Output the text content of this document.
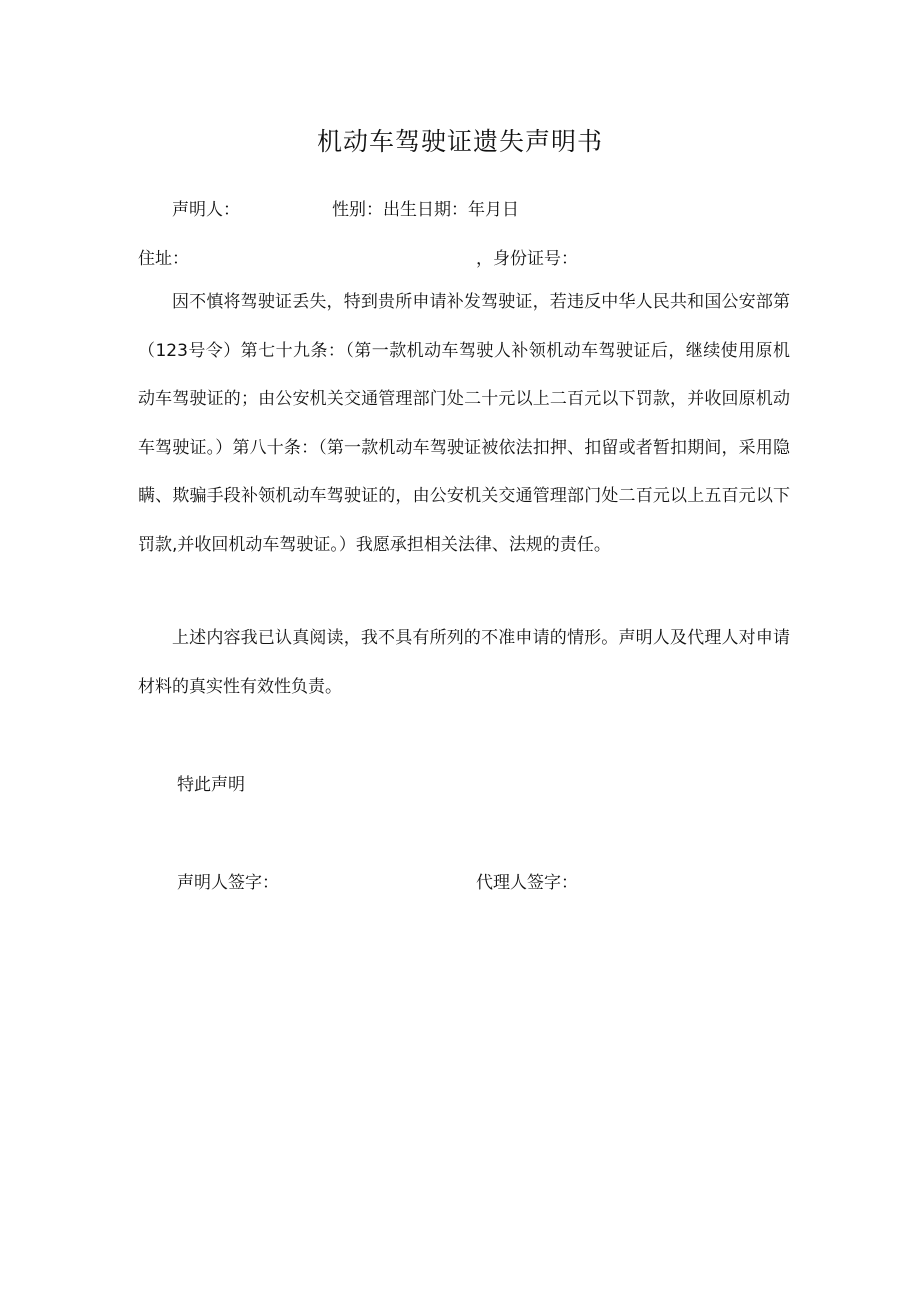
机动车驾驶证遗失声明书
声明人：	性别：出生日期：年月日
住址：	，身份证号：
因不慎将驾驶证丢失，特到贵所申请补发驾驶证，若违反中华人民共和国公安部第（123号令）第七十九条：（第一款机动车驾驶人补领机动车驾驶证后，继续使用原机动车驾驶证的；由公安机关交通管理部门处二十元以上二百元以下罚款，并收回原机动车驾驶证。）第八十条：（第一款机动车驾驶证被依法扣押、扣留或者暂扣期间，采用隐瞒、欺骗手段补领机动车驾驶证的，由公安机关交通管理部门处二百元以上五百元以下罚款,并收回机动车驾驶证。）我愿承担相关法律、法规的责任。
上述内容我已认真阅读，我不具有所列的不准申请的情形。声明人及代理人对申请材料的真实性有效性负责。
特此声明
声明人签字：	代理人签字：
